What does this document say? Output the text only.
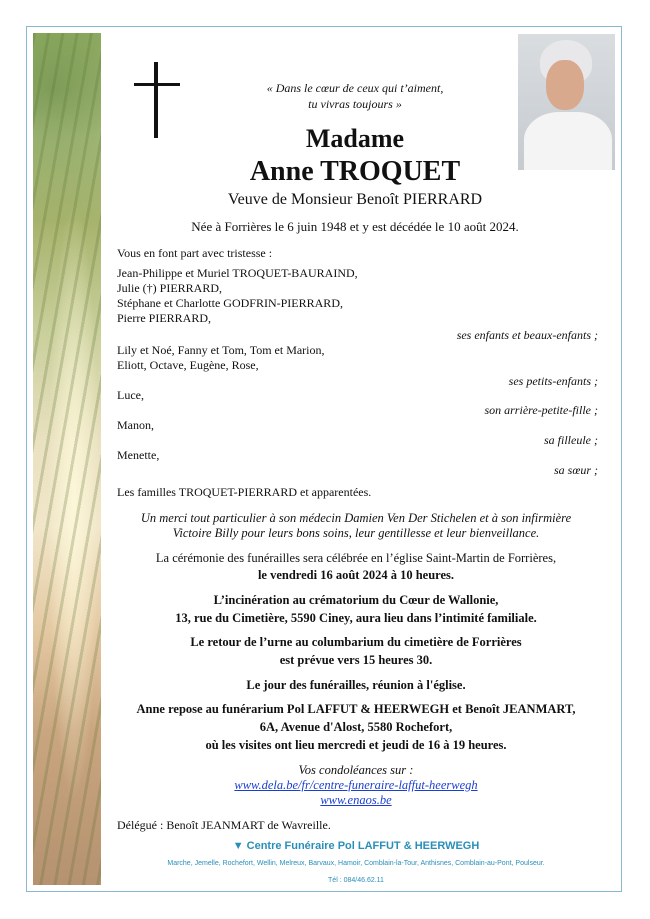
« Dans le cœur de ceux qui t’aiment,
tu vivras toujours »
Madame
Anne TROQUET
Veuve de Monsieur Benoît PIERRARD
Née à Forrières le 6 juin 1948 et y est décédée le 10 août 2024.
Vous en font part avec tristesse :
Jean-Philippe et Muriel TROQUET-BAURAIND,
Julie (†) PIERRARD,
Stéphane et Charlotte GODFRIN-PIERRARD,
Pierre PIERRARD,
ses enfants et beaux-enfants ;
Lily et Noé, Fanny et Tom, Tom et Marion,
Eliott, Octave, Eugène, Rose,
ses petits-enfants ;
Luce,
son arrière-petite-fille ;
Manon,
sa filleule ;
Menette,
sa sœur ;
Les familles TROQUET-PIERRARD et apparentées.
Un merci tout particulier à son médecin Damien Ven Der Stichelen et à son infirmière
Victoire Billy pour leurs bons soins, leur gentillesse et leur bienveillance.
La cérémonie des funérailles sera célébrée en l’église Saint-Martin de Forrières,
le vendredi 16 août 2024 à 10 heures.
L’incinération au crématorium du Cœur de Wallonie,
13, rue du Cimetière, 5590 Ciney, aura lieu dans l’intimité familiale.
Le retour de l’urne au columbarium du cimetière de Forrières
est prévue vers 15 heures 30.
Le jour des funérailles, réunion à l'église.
Anne repose au funérarium Pol LAFFUT & HEERWEGH et Benoît JEANMART,
6A, Avenue d'Alost, 5580 Rochefort,
où les visites ont lieu mercredi et jeudi de 16 à 19 heures.
Vos condoléances sur :
www.dela.be/fr/centre-funeraire-laffut-heerwegh
www.enaos.be
Délégué : Benoît JEANMART de Wavreille.
▼ Centre Funéraire Pol LAFFUT & HEERWEGH
Marche, Jemelle, Rochefort, Wellin, Melreux, Barvaux, Hamoir, Comblain-la-Tour, Anthisnes, Comblain-au-Pont, Poulseur.
Tél : 084/46.62.11
